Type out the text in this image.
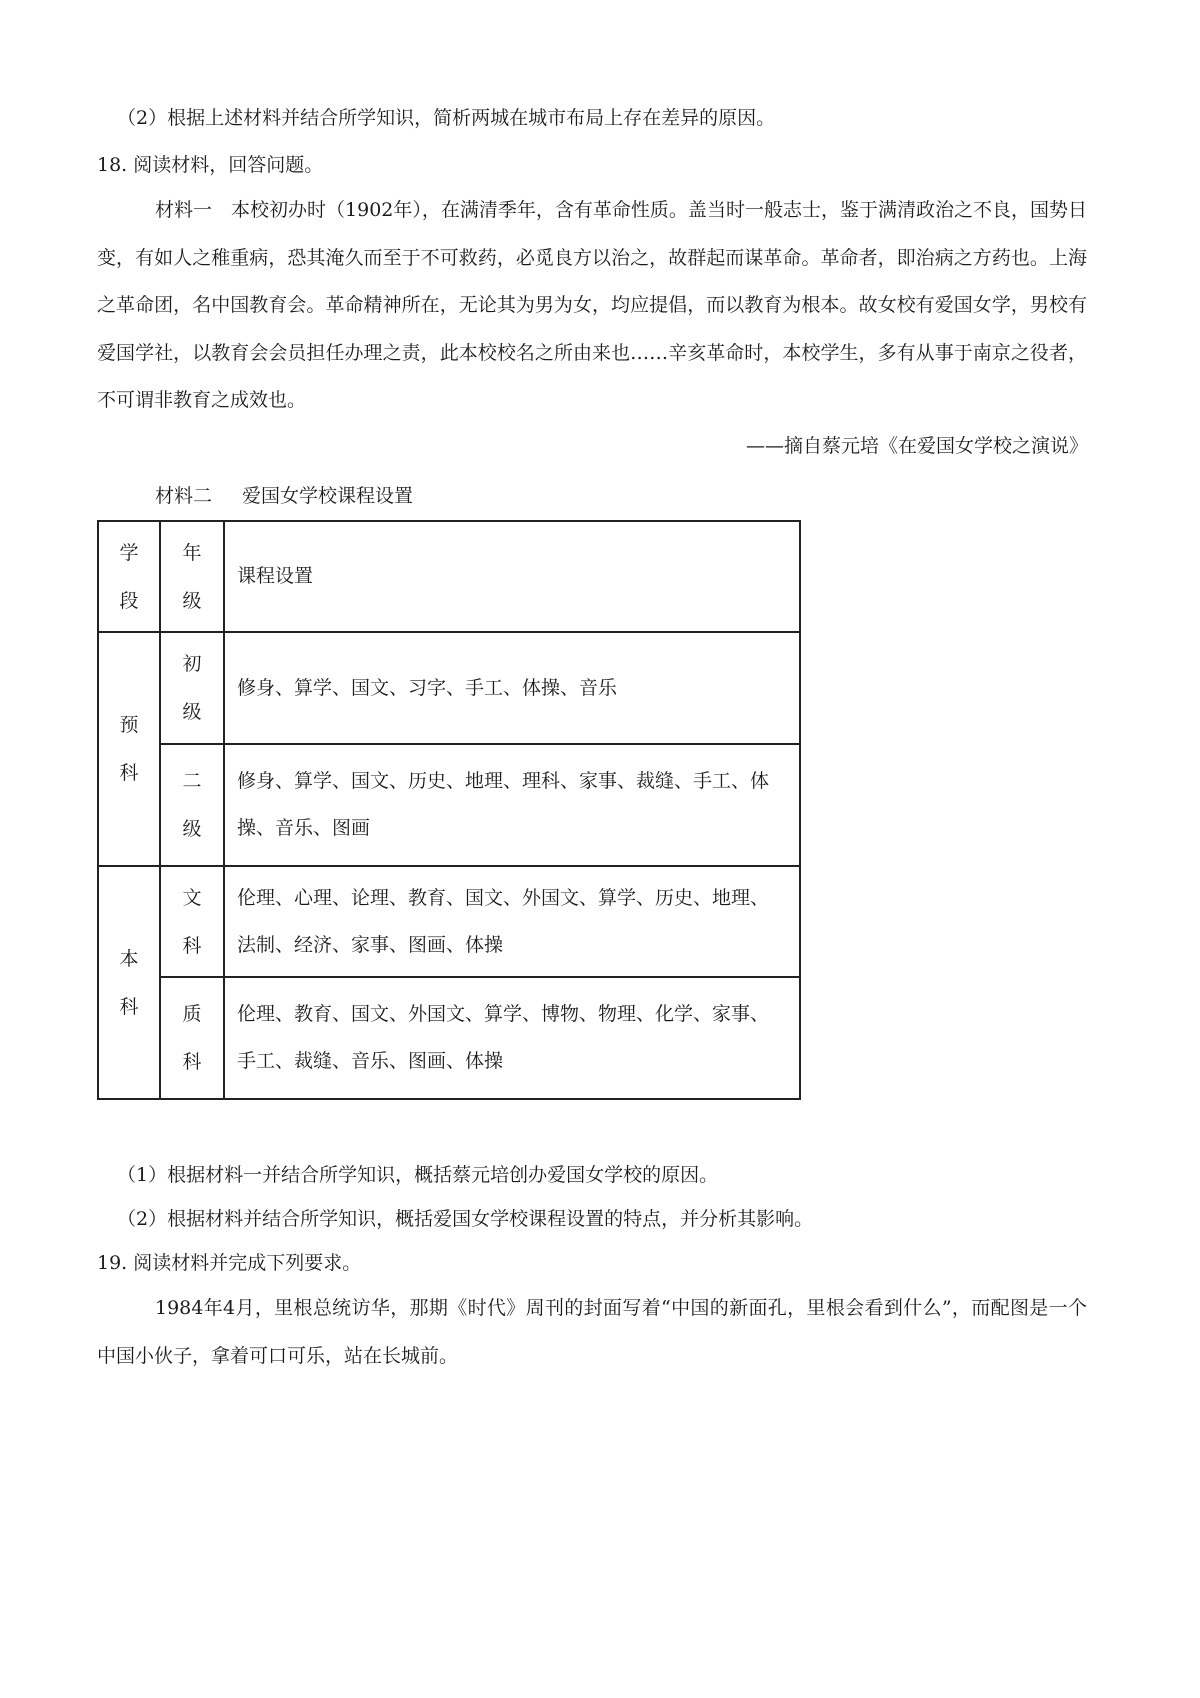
（2）根据上述材料并结合所学知识，简析两城在城市布局上存在差异的原因。
18. 阅读材料，回答问题。
材料一　本校初办时（1902年），在满清季年，含有革命性质。盖当时一般志士，鉴于满清政治之不良，国势日变，有如人之稚重病，恐其淹久而至于不可救药，必觅良方以治之，故群起而谋革命。革命者，即治病之方药也。上海之革命团，名中国教育会。革命精神所在，无论其为男为女，均应提倡，而以教育为根本。故女校有爱国女学，男校有爱国学社，以教育会会员担任办理之责，此本校校名之所由来也……辛亥革命时，本校学生，多有从事于南京之役者，不可谓非教育之成效也。
——摘自蔡元培《在爱国女学校之演说》
材料二 爱国女学校课程设置
学段	年级	课程设置

预科	初级	修身、算学、国文、习字、手工、体操、音乐

	二级	修身、算学、国文、历史、地理、理科、家事、裁缝、手工、体操、音乐、图画

本科	文科	伦理、心理、论理、教育、国文、外国文、算学、历史、地理、法制、经济、家事、图画、体操

	质科	伦理、教育、国文、外国文、算学、博物、物理、化学、家事、手工、裁缝、音乐、图画、体操
（1）根据材料一并结合所学知识，概括蔡元培创办爱国女学校的原因。
（2）根据材料并结合所学知识，概括爱国女学校课程设置的特点，并分析其影响。
19. 阅读材料并完成下列要求。
1984年4月，里根总统访华，那期《时代》周刊的封面写着“中国的新面孔，里根会看到什么”，而配图是一个中国小伙子，拿着可口可乐，站在长城前。
